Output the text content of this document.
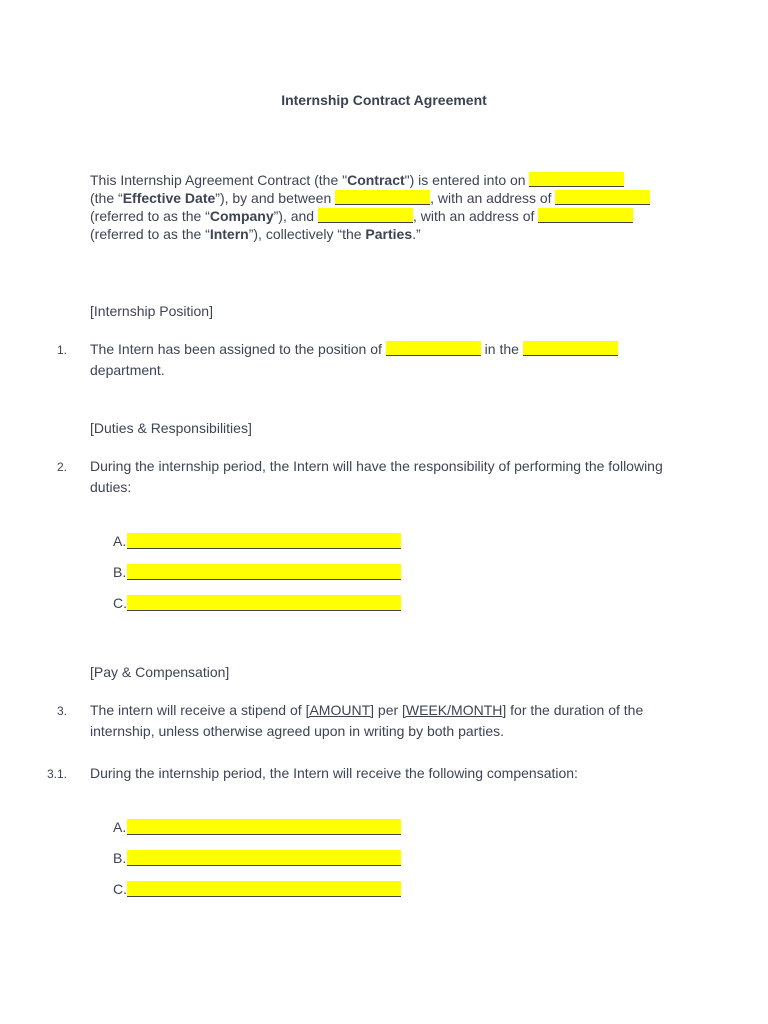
Internship Contract Agreement
This Internship Agreement Contract (the "Contract") is entered into on
(the “Effective Date”), by and between	, with an address of
(referred to as the “Company”), and	, with an address of
(referred to as the “Intern”), collectively “the Parties.”
[Internship Position]
1. The Intern has been assigned to the position of	in the
department.
[Duties & Responsibilities]
2. During the internship period, the Intern will have the responsibility of performing the following duties:
A.
B.
C.
[Pay & Compensation]
3. The intern will receive a stipend of [AMOUNT] per [WEEK/MONTH] for the duration of the internship, unless otherwise agreed upon in writing by both parties.
3.1. During the internship period, the Intern will receive the following compensation:
A.
B.
C.
